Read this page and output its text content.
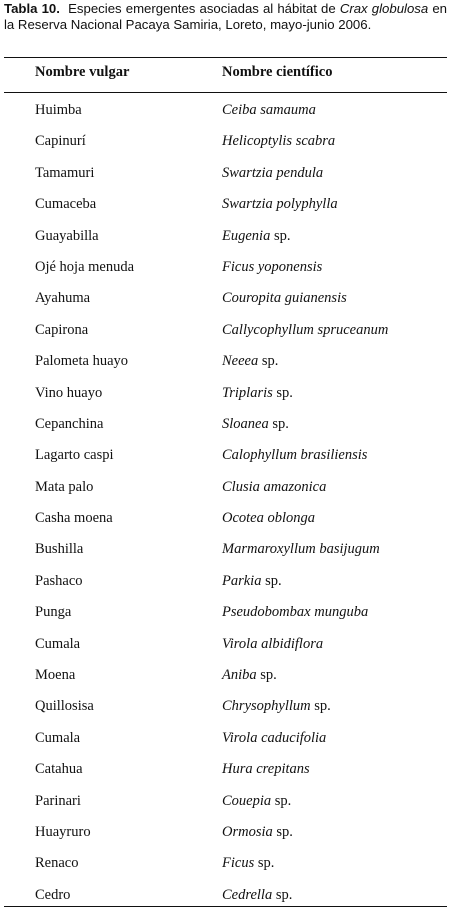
Tabla 10. Especies emergentes asociadas al hábitat de Crax globulosa en la Reserva Nacional Pacaya Samiria, Loreto, mayo-junio 2006.
Nombre vulgar	Nombre científico
Huimba	Ceiba samauma
Capinurí	Helicoptylis scabra
Tamamuri	Swartzia pendula
Cumaceba	Swartzia polyphylla
Guayabilla	Eugenia sp.
Ojé hoja menuda	Ficus yoponensis
Ayahuma	Couropita guianensis
Capirona	Callycophyllum spruceanum
Palometa huayo	Neeea sp.
Vino huayo	Triplaris sp.
Cepanchina	Sloanea sp.
Lagarto caspi	Calophyllum brasiliensis
Mata palo	Clusia amazonica
Casha moena	Ocotea oblonga
Bushilla	Marmaroxyllum basijugum
Pashaco	Parkia sp.
Punga	Pseudobombax munguba
Cumala	Virola albidiflora
Moena	Aniba sp.
Quillosisa	Chrysophyllum sp.
Cumala	Virola caducifolia
Catahua	Hura crepitans
Parinari	Couepia sp.
Huayruro	Ormosia sp.
Renaco	Ficus sp.
Cedro	Cedrella sp.
